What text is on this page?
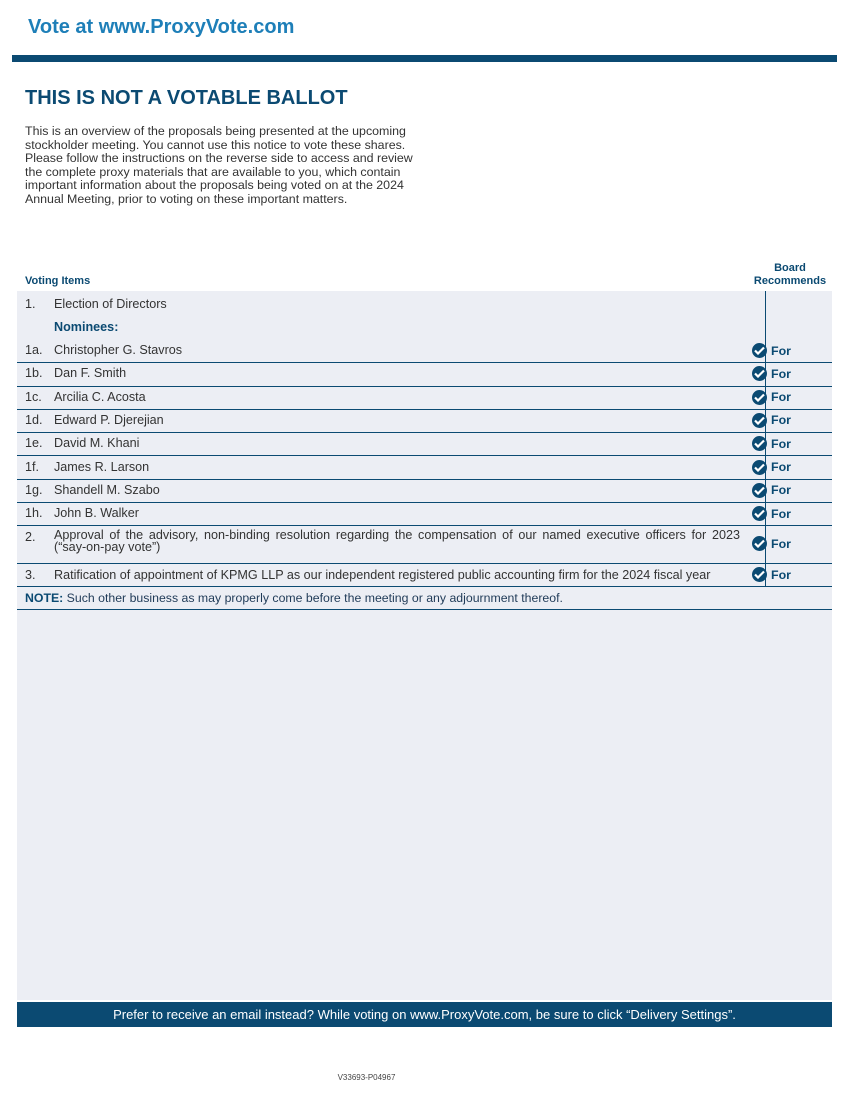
Vote at www.ProxyVote.com
THIS IS NOT A VOTABLE BALLOT
This is an overview of the proposals being presented at the upcoming stockholder meeting. You cannot use this notice to vote these shares. Please follow the instructions on the reverse side to access and review the complete proxy materials that are available to you, which contain important information about the proposals being voted on at the 2024 Annual Meeting, prior to voting on these important matters.
Voting Items
Board
Recommends
1. Election of Directors
Nominees:
1a. Christopher G. Stavros	For
1b. Dan F. Smith	For
1c. Arcilia C. Acosta	For
1d. Edward P. Djerejian	For
1e. David M. Khani	For
1f. James R. Larson	For
1g. Shandell M. Szabo	For
1h. John B. Walker	For
2. Approval of the advisory, non-binding resolution regarding the compensation of our named executive officers for 2023 (“say-on-pay vote”)	For
3. Ratification of appointment of KPMG LLP as our independent registered public accounting firm for the 2024 fiscal year	For
NOTE: Such other business as may properly come before the meeting or any adjournment thereof.
Prefer to receive an email instead? While voting on www.ProxyVote.com, be sure to click “Delivery Settings”.
V33693-P04967
